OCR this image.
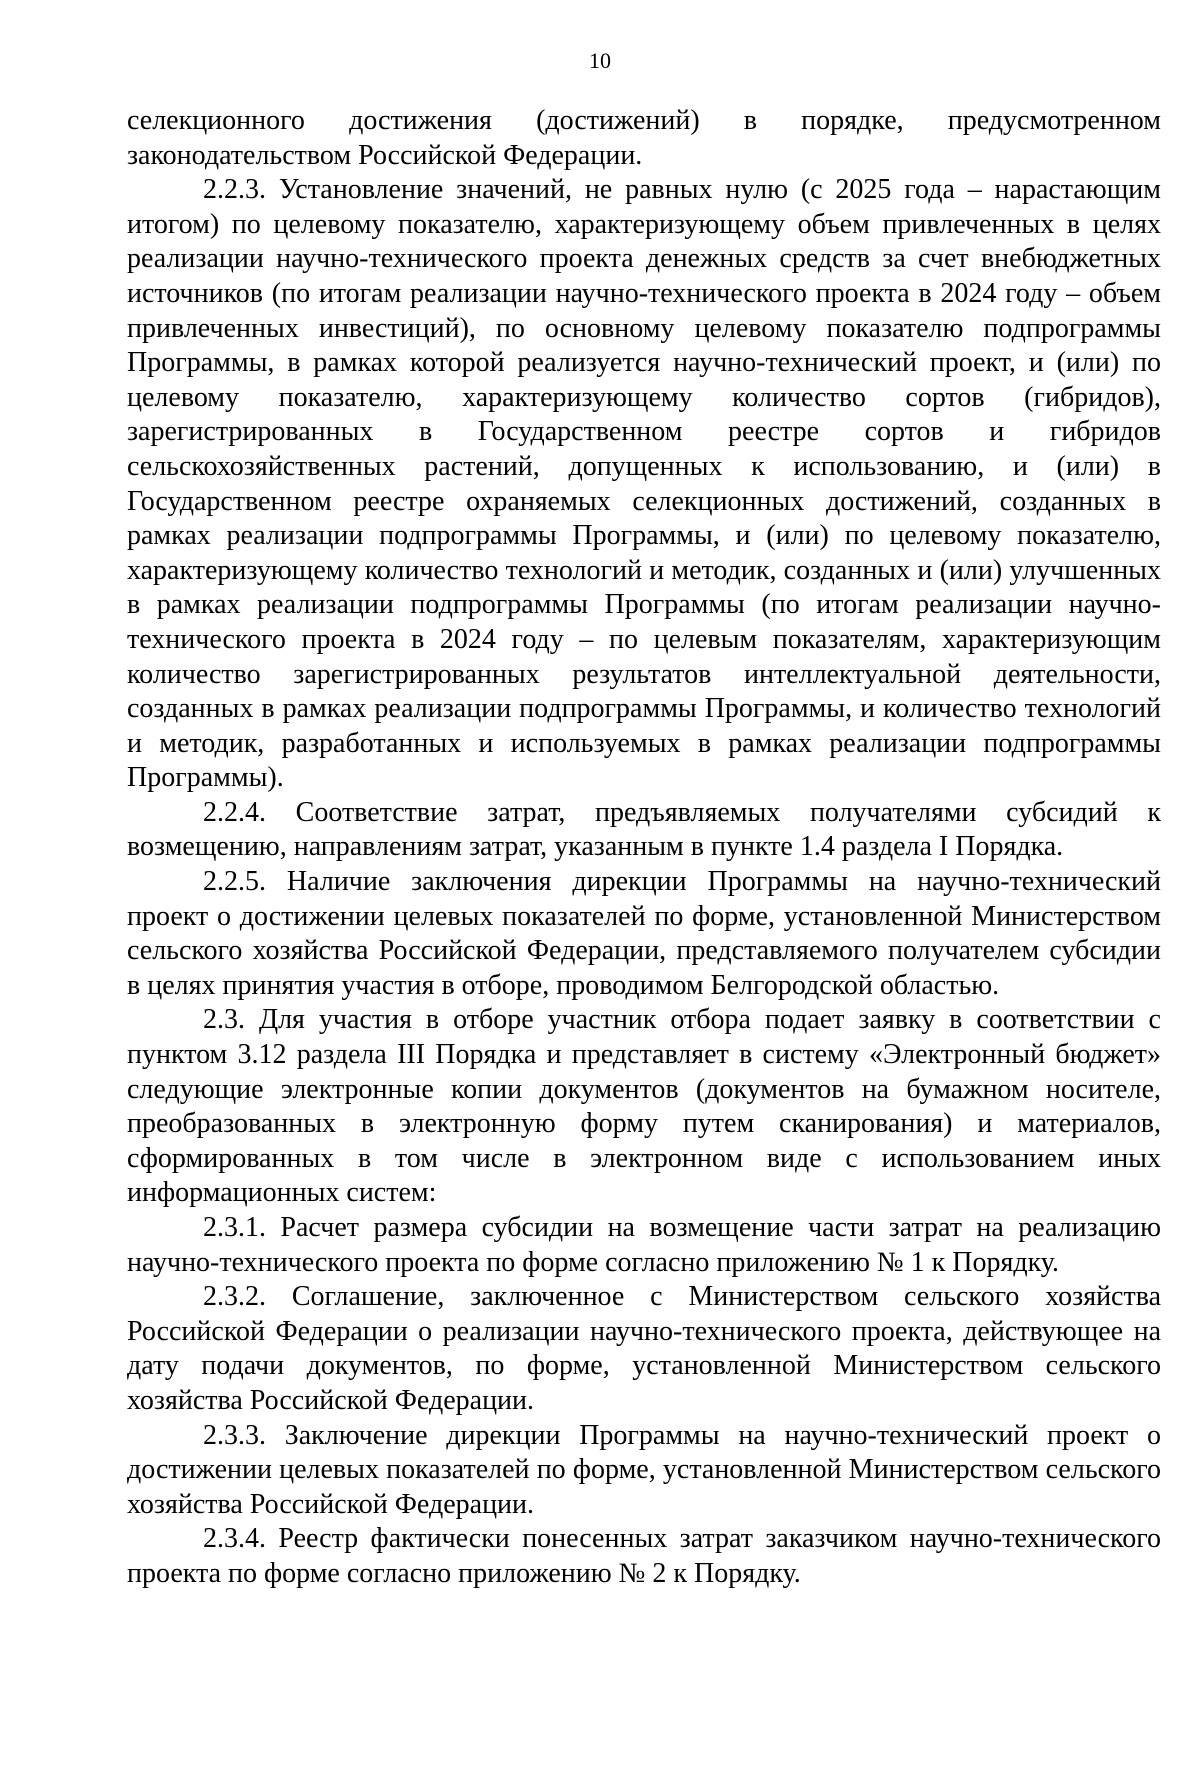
10

селекционного достижения (достижений) в порядке, предусмотренном законодательством Российской Федерации.

2.2.3. Установление значений, не равных нулю (с 2025 года – нарастающим итогом) по целевому показателю, характеризующему объем привлеченных в целях реализации научно-технического проекта денежных средств за счет внебюджетных источников (по итогам реализации научно-технического проекта в 2024 году – объем привлеченных инвестиций), по основному целевому показателю подпрограммы Программы, в рамках которой реализуется научно-технический проект, и (или) по целевому показателю, характеризующему количество сортов (гибридов), зарегистрированных в Государственном реестре сортов и гибридов сельскохозяйственных растений, допущенных к использованию, и (или) в Государственном реестре охраняемых селекционных достижений, созданных в рамках реализации подпрограммы Программы, и (или) по целевому показателю, характеризующему количество технологий и методик, созданных и (или) улучшенных в рамках реализации подпрограммы Программы (по итогам реализации научно-технического проекта в 2024 году – по целевым показателям, характеризующим количество зарегистрированных результатов интеллектуальной деятельности, созданных в рамках реализации подпрограммы Программы, и количество технологий и методик, разработанных и используемых в рамках реализации подпрограммы Программы).

2.2.4. Соответствие затрат, предъявляемых получателями субсидий к возмещению, направлениям затрат, указанным в пункте 1.4 раздела I Порядка.

2.2.5. Наличие заключения дирекции Программы на научно-технический проект о достижении целевых показателей по форме, установленной Министерством сельского хозяйства Российской Федерации, представляемого получателем субсидии в целях принятия участия в отборе, проводимом Белгородской областью.

2.3. Для участия в отборе участник отбора подает заявку в соответствии с пунктом 3.12 раздела III Порядка и представляет в систему «Электронный бюджет» следующие электронные копии документов (документов на бумажном носителе, преобразованных в электронную форму путем сканирования) и материалов, сформированных в том числе в электронном виде с использованием иных информационных систем:

2.3.1. Расчет размера субсидии на возмещение части затрат на реализацию научно-технического проекта по форме согласно приложению № 1 к Порядку.

2.3.2. Соглашение, заключенное с Министерством сельского хозяйства Российской Федерации о реализации научно-технического проекта, действующее на дату подачи документов, по форме, установленной Министерством сельского хозяйства Российской Федерации.

2.3.3. Заключение дирекции Программы на научно-технический проект о достижении целевых показателей по форме, установленной Министерством сельского хозяйства Российской Федерации.

2.3.4. Реестр фактически понесенных затрат заказчиком научно-технического проекта по форме согласно приложению № 2 к Порядку.
